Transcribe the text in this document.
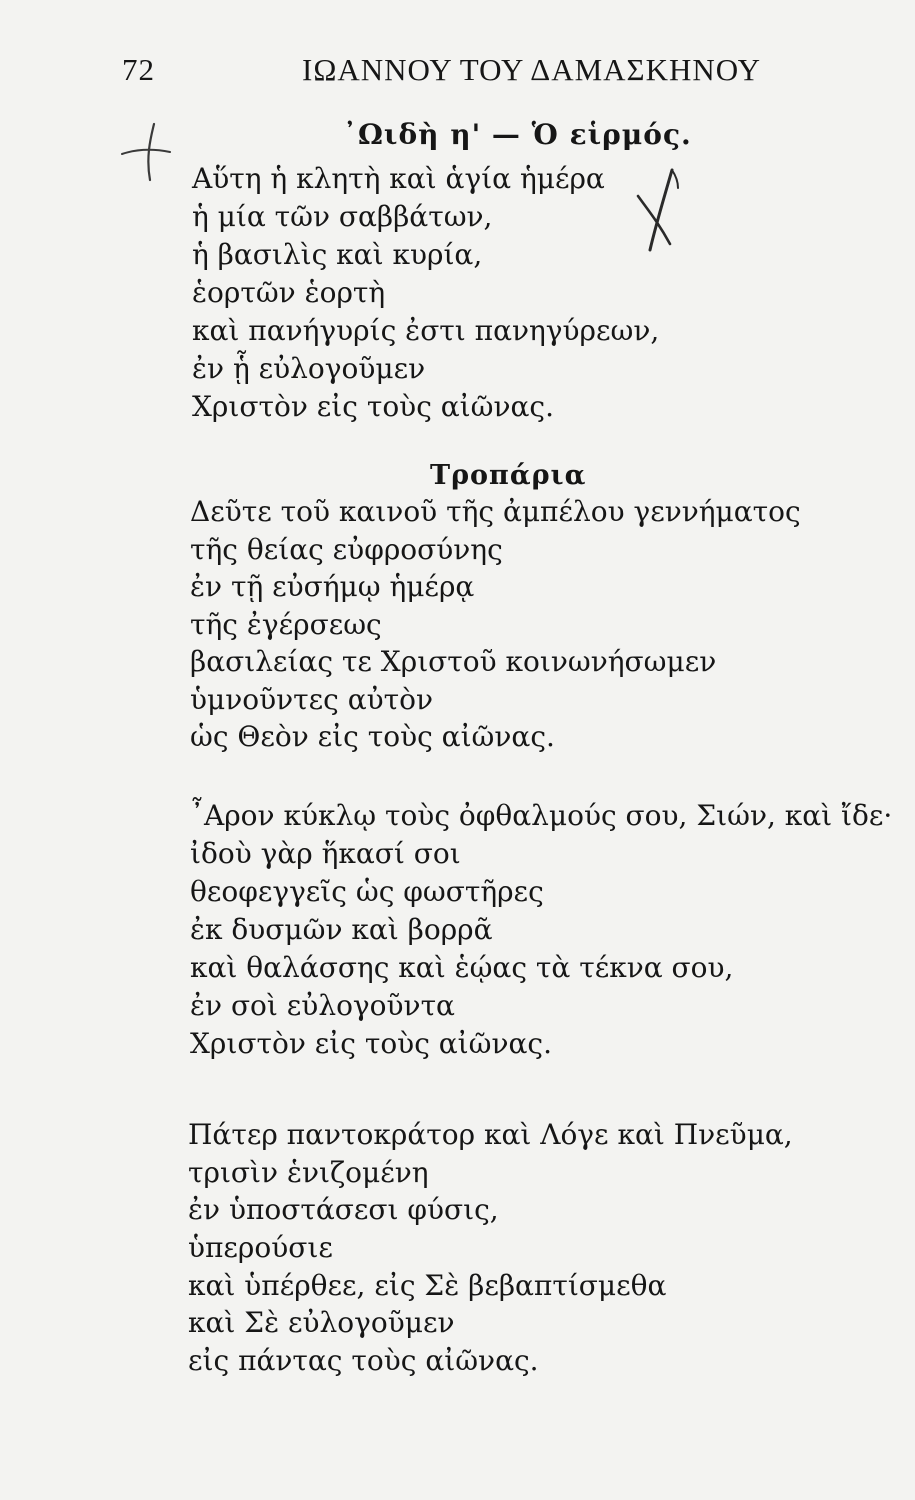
72	ΙΩΑΝΝΟΥ ΤΟΥ ΔΑΜΑΣΚΗΝΟΥ
᾿Ωιδὴ η' — Ὁ εἱρμός.
Αὕτη ἡ κλητὴ καὶ ἁγία ἡμέρα
ἡ μία τῶν σαββάτων,
ἡ βασιλὶς καὶ κυρία,
ἑορτῶν ἑορτὴ
καὶ πανήγυρίς ἐστι πανηγύρεων,
ἐν ᾗ εὐλογοῦμεν
Χριστὸν εἰς τοὺς αἰῶνας.
Τροπάρια
Δεῦτε τοῦ καινοῦ τῆς ἀμπέλου γεννήματος
τῆς θείας εὐφροσύνης
ἐν τῇ εὐσήμῳ ἡμέρᾳ
τῆς ἐγέρσεως
βασιλείας τε Χριστοῦ κοινωνήσωμεν
ὑμνοῦντες αὐτὸν
ὡς Θεὸν εἰς τοὺς αἰῶνας.
῏Αρον κύκλῳ τοὺς ὀφθαλμούς σου, Σιών, καὶ ἴδε·
ἰδοὺ γὰρ ἥκασί σοι
θεοφεγγεῖς ὡς φωστῆρες
ἐκ δυσμῶν καὶ βορρᾶ
καὶ θαλάσσης καὶ ἑῴας τὰ τέκνα σου,
ἐν σοὶ εὐλογοῦντα
Χριστὸν εἰς τοὺς αἰῶνας.
Πάτερ παντοκράτορ καὶ Λόγε καὶ Πνεῦμα,
τρισὶν ἑνιζομένη
ἐν ὑποστάσεσι φύσις,
ὑπερούσιε
καὶ ὑπέρθεε, εἰς Σὲ βεβαπτίσμεθα
καὶ Σὲ εὐλογοῦμεν
εἰς πάντας τοὺς αἰῶνας.
